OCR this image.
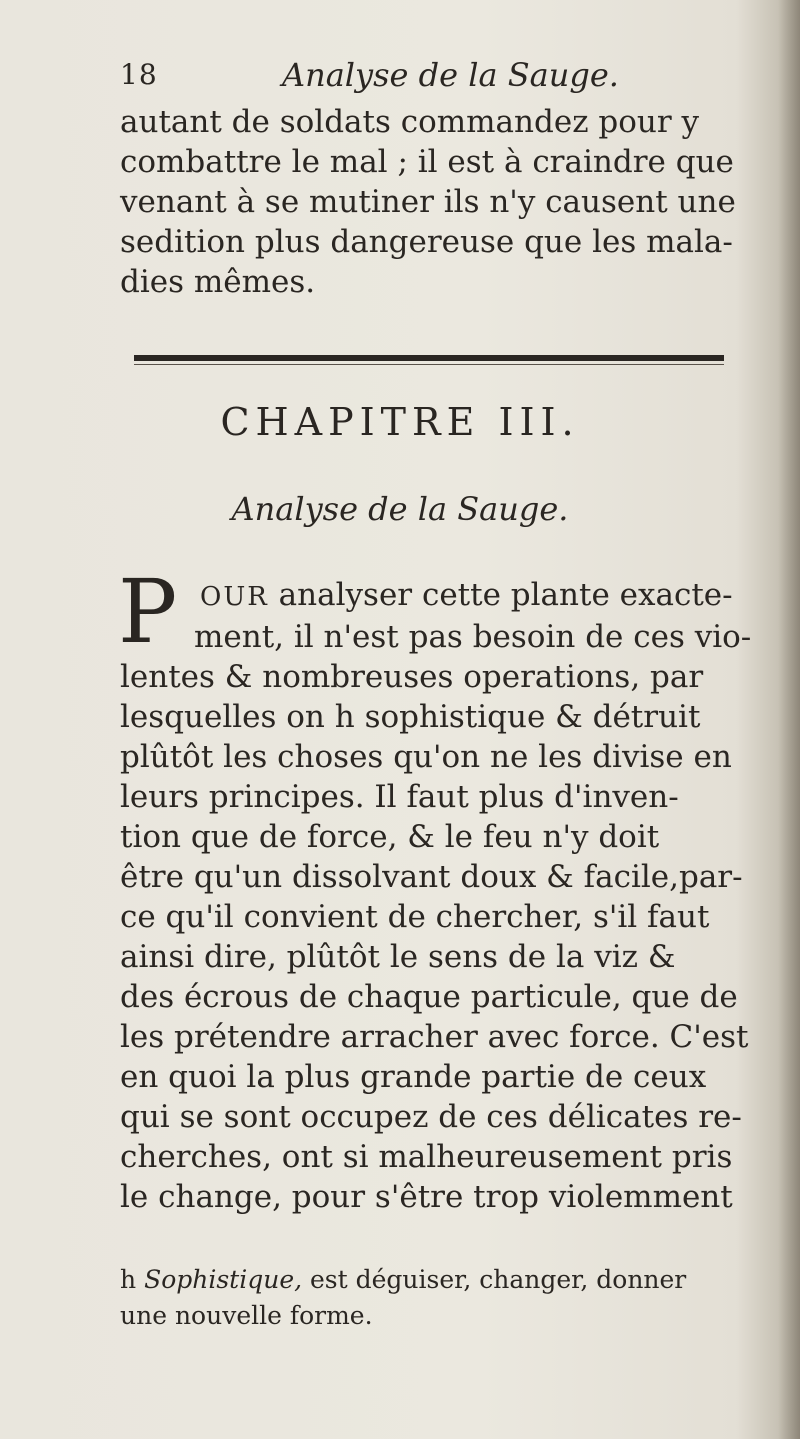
18	Analyse de la Sauge.
autant de soldats commandez pour y
combattre le mal ; il est à craindre que
venant à se mutiner ils n'y causent une
sedition plus dangereuse que les mala-
dies mêmes.
CHAPITRE III.
Analyse de la Sauge.
P OUR analyser cette plante exacte-
ment, il n'est pas besoin de ces vio-
lentes & nombreuses operations, par
lesquelles on h sophistique & détruit
plûtôt les choses qu'on ne les divise en
leurs principes. Il faut plus d'inven-
tion que de force, & le feu n'y doit
être qu'un dissolvant doux & facile,par-
ce qu'il convient de chercher, s'il faut
ainsi dire, plûtôt le sens de la viz &
des écrous de chaque particule, que de
les prétendre arracher avec force. C'est
en quoi la plus grande partie de ceux
qui se sont occupez de ces délicates re-
cherches, ont si malheureusement pris
le change, pour s'être trop violemment
h Sophistique, est déguiser, changer, donner
une nouvelle forme.
